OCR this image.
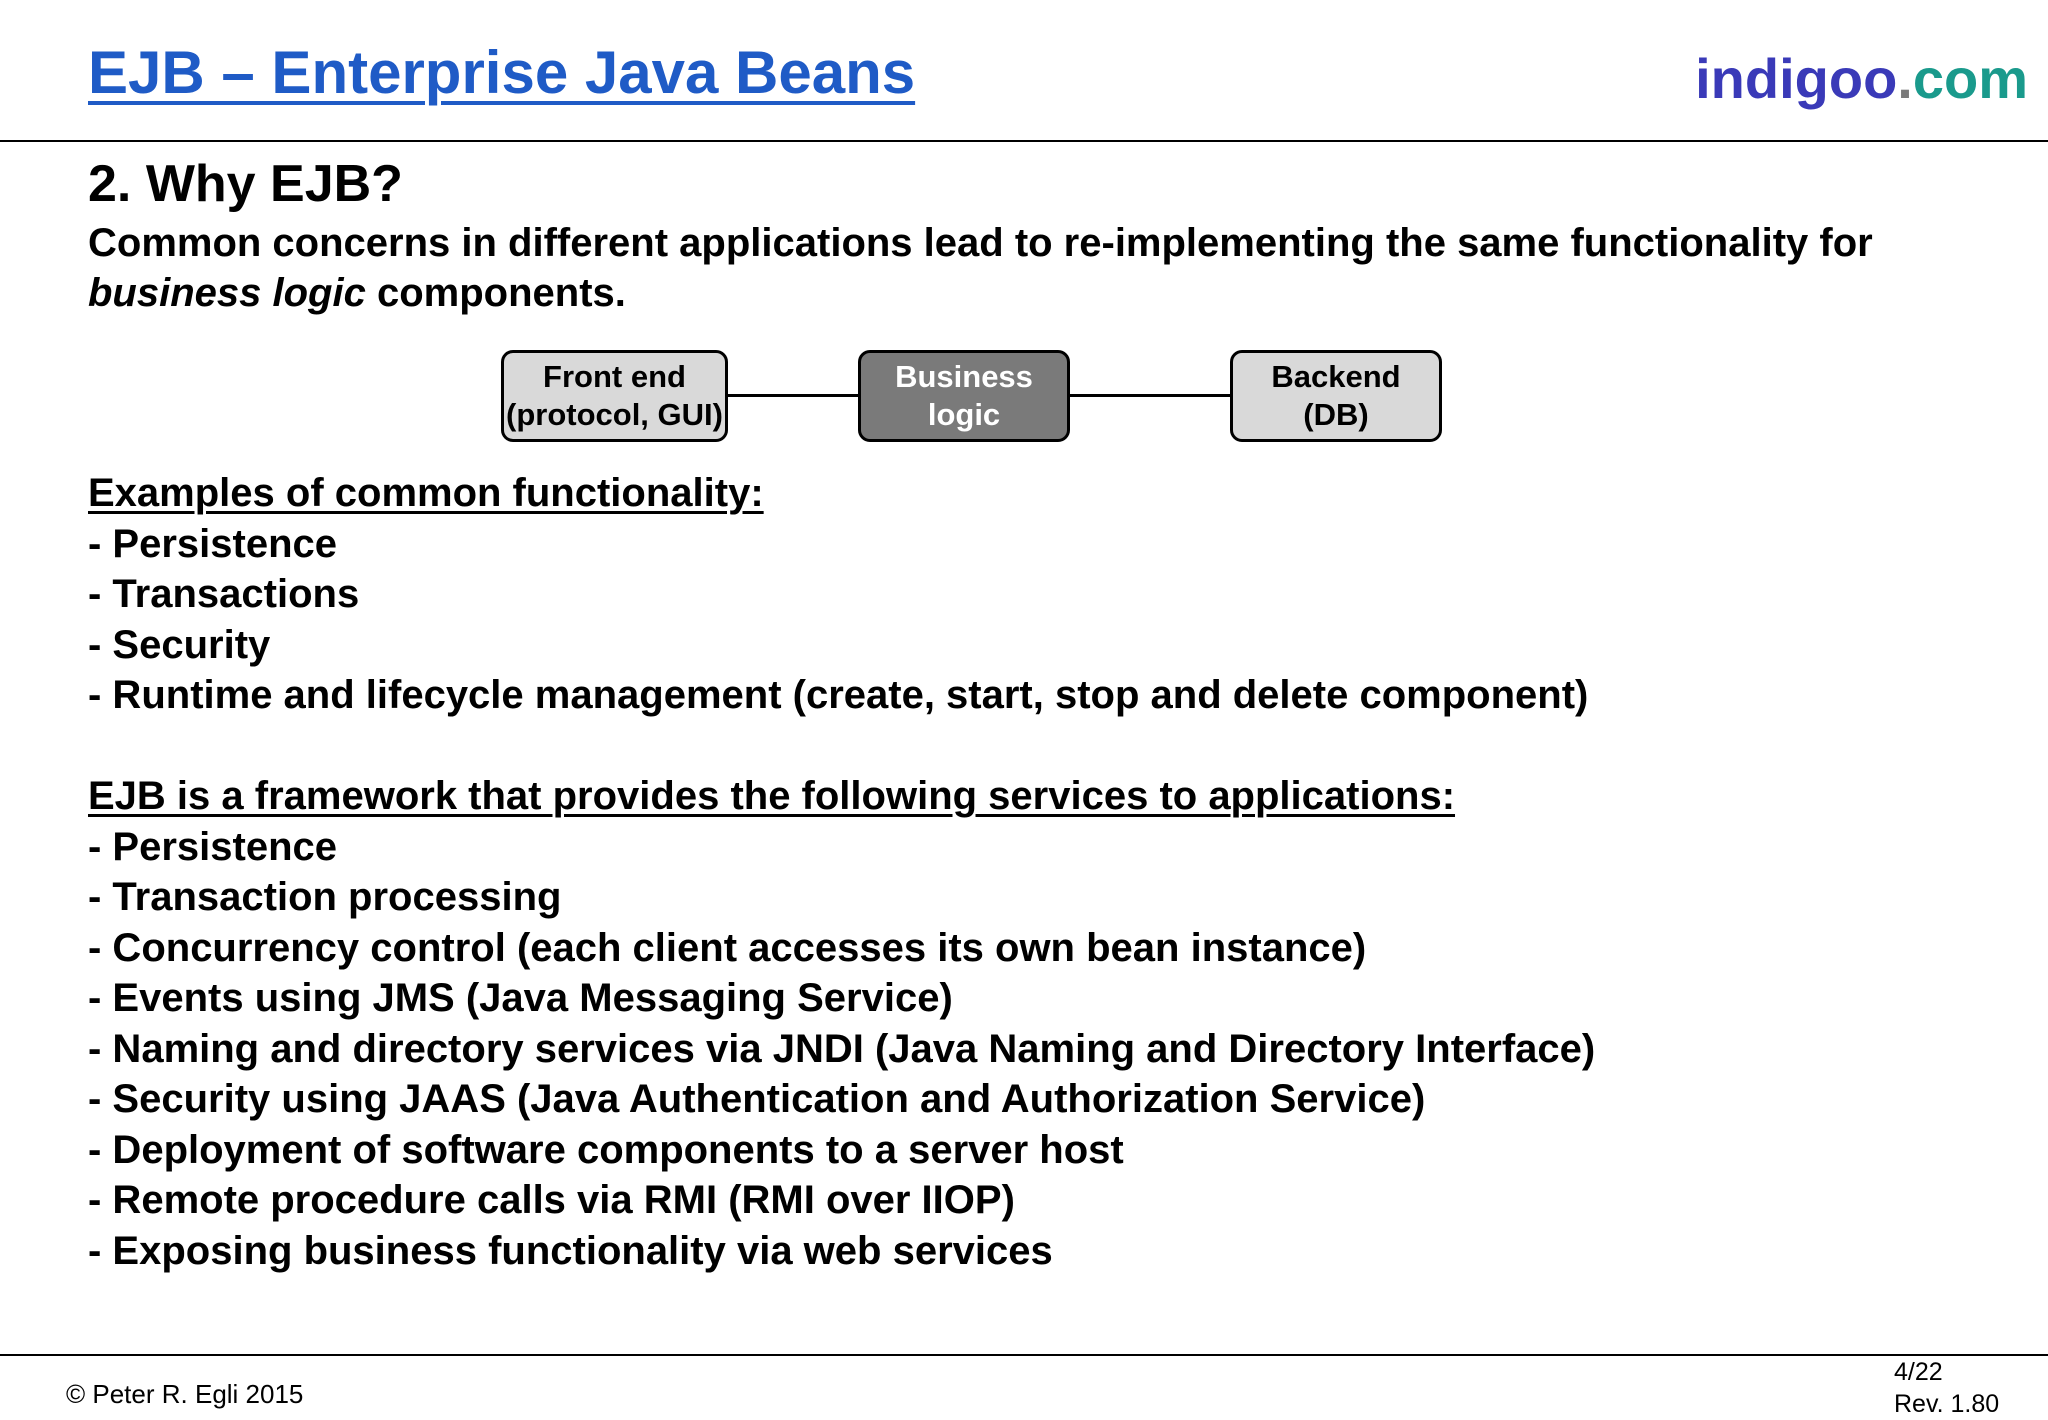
EJB – Enterprise Java Beans	indigoo.com
2. Why EJB?
Common concerns in different applications lead to re-implementing the same functionality for business logic components.
Front end
(protocol, GUI)
Business
logic
Backend
(DB)
Examples of common functionality:
- Persistence
- Transactions
- Security
- Runtime and lifecycle management (create, start, stop and delete component)
EJB is a framework that provides the following services to applications:
- Persistence
- Transaction processing
- Concurrency control (each client accesses its own bean instance)
- Events using JMS (Java Messaging Service)
- Naming and directory services via JNDI (Java Naming and Directory Interface)
- Security using JAAS (Java Authentication and Authorization Service)
- Deployment of software components to a server host
- Remote procedure calls via RMI (RMI over IIOP)
- Exposing business functionality via web services
© Peter R. Egli 2015
4/22
Rev. 1.80
